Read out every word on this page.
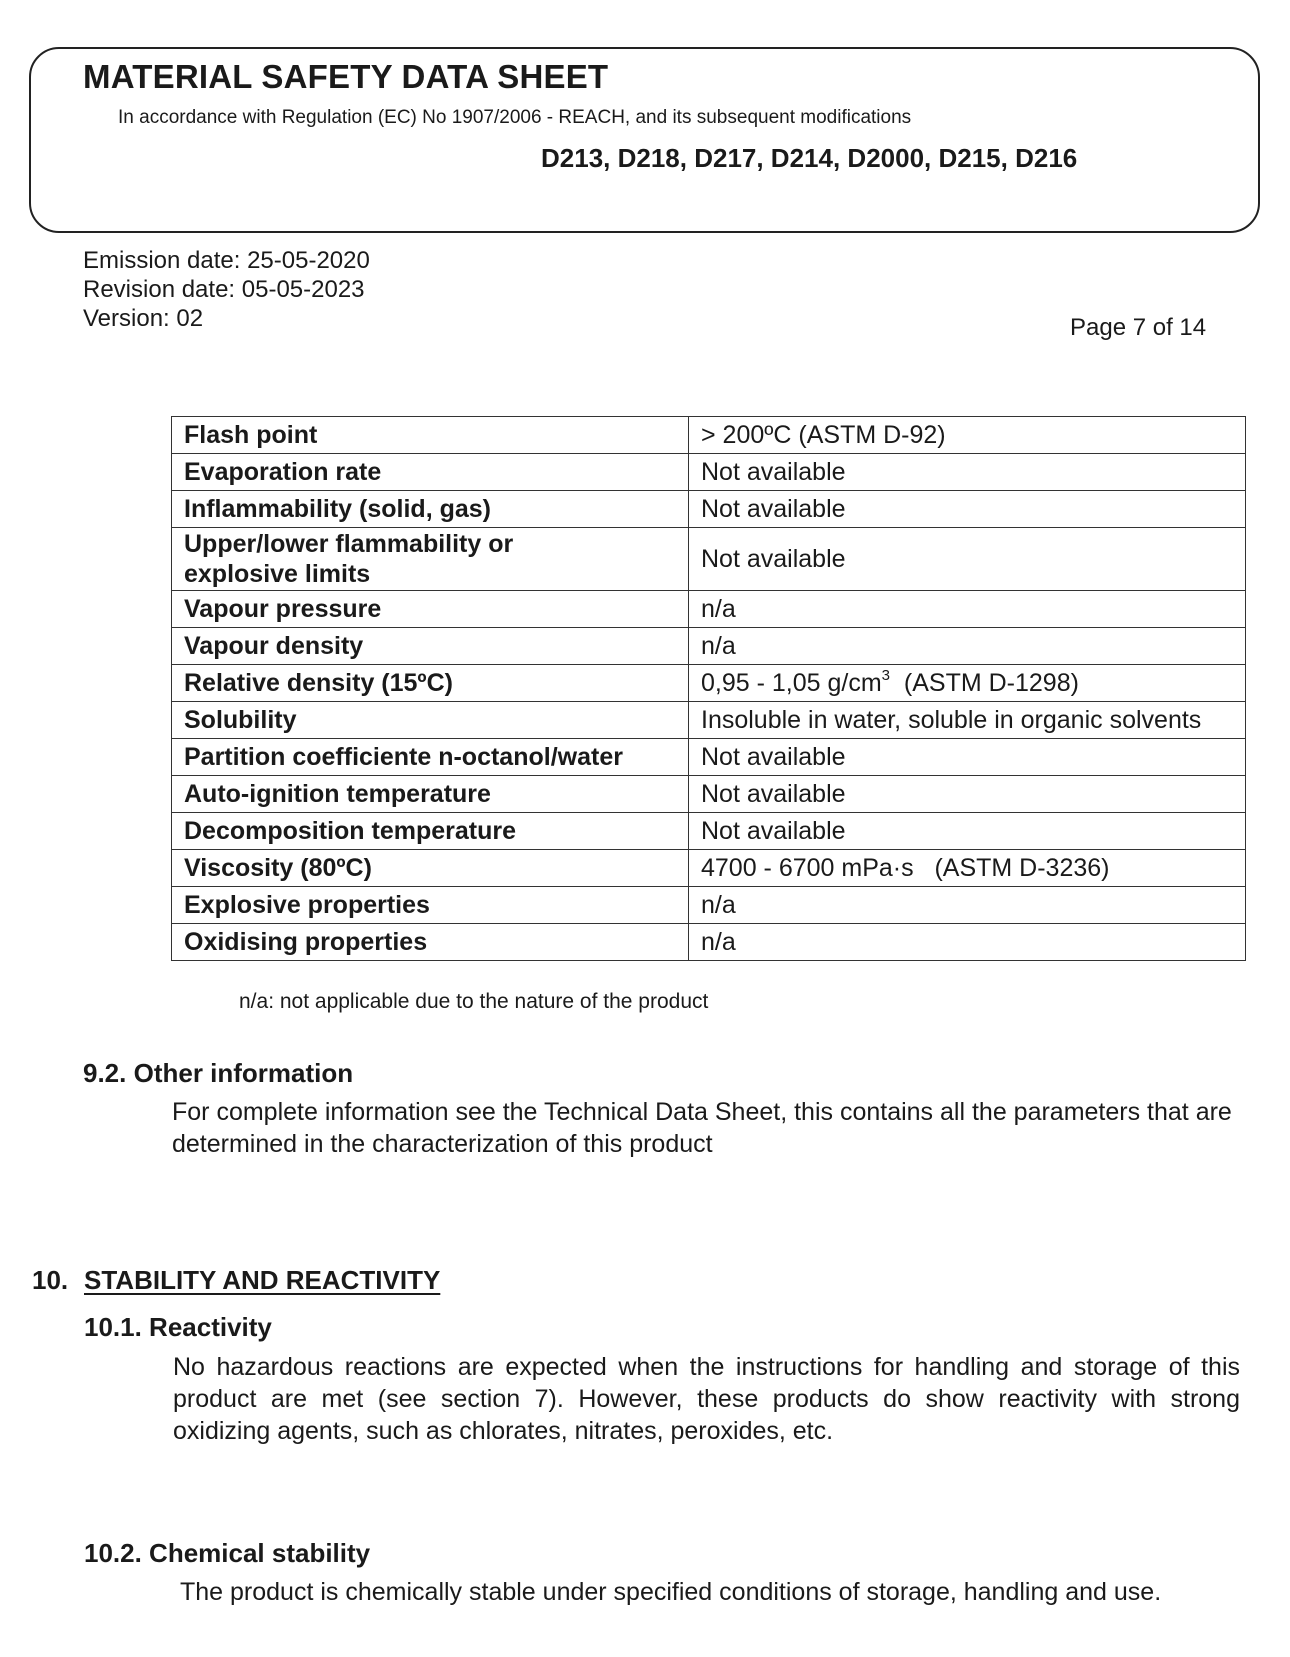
MATERIAL SAFETY DATA SHEET
In accordance with Regulation (EC) No 1907/2006 - REACH, and its subsequent modifications
D213, D218, D217, D214, D2000, D215, D216
Emission date: 25-05-2020
Revision date: 05-05-2023
Version: 02	Page 7 of 14
Flash point	> 200ºC (ASTM D-92)
Evaporation rate	Not available
Inflammability (solid, gas)	Not available
Upper/lower flammability or
explosive limits	Not available
Vapour pressure	n/a
Vapour density	n/a
Relative density (15ºC)	0,95 - 1,05 $g/cm^3$  (ASTM D-1298)
Solubility	Insoluble in water, soluble in organic solvents
Partition coefficiente n-octanol/water	Not available
Auto-ignition temperature	Not available
Decomposition temperature	Not available
Viscosity (80ºC)	4700 - 6700 mPa·s   (ASTM D-3236)
Explosive properties	n/a
Oxidising properties	n/a
n/a: not applicable due to the nature of the product
9.2. Other information
For complete information see the Technical Data Sheet, this contains all the parameters that are determined in the characterization of this product
10. STABILITY AND REACTIVITY
10.1. Reactivity
No hazardous reactions are expected when the instructions for handling and storage of this product are met (see section 7). However, these products do show reactivity with strong oxidizing agents, such as chlorates, nitrates, peroxides, etc.
10.2. Chemical stability
The product is chemically stable under specified conditions of storage, handling and use.
